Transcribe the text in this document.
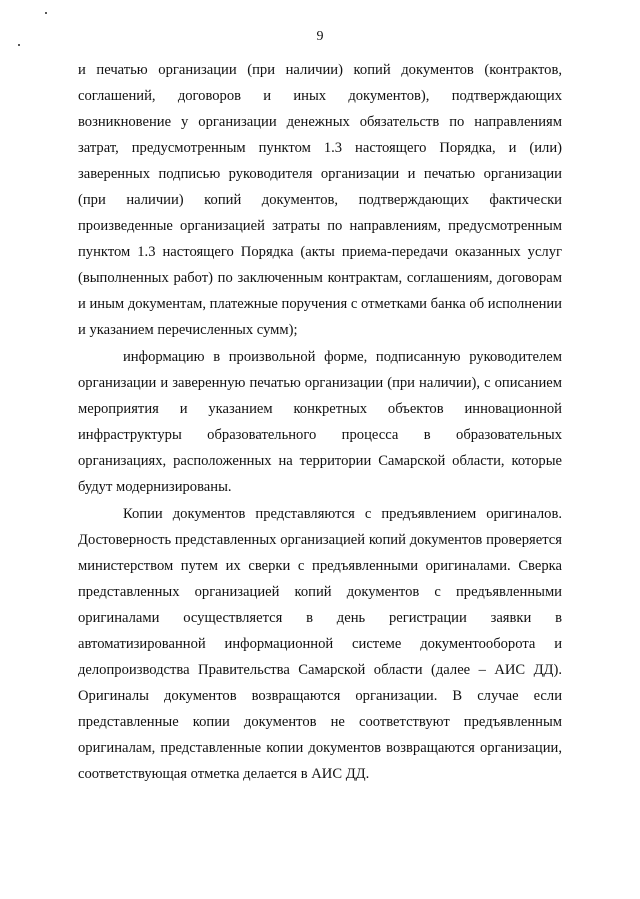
9

и печатью организации (при наличии) копий документов (контрактов, соглашений, договоров и иных документов), подтверждающих возникновение у организации денежных обязательств по направлениям затрат, предусмотренным пунктом 1.3 настоящего Порядка, и (или) заверенных подписью руководителя организации и печатью организации (при наличии) копий документов, подтверждающих фактически произведенные организацией затраты по направлениям, предусмотренным пунктом 1.3 настоящего Порядка (акты приема-передачи оказанных услуг (выполненных работ) по заключенным контрактам, соглашениям, договорам и иным документам, платежные поручения с отметками банка об исполнении и указанием перечисленных сумм);

информацию в произвольной форме, подписанную руководителем организации и заверенную печатью организации (при наличии), с описанием мероприятия и указанием конкретных объектов инновационной инфраструктуры образовательного процесса в образовательных организациях, расположенных на территории Самарской области, которые будут модернизированы.

Копии документов представляются с предъявлением оригиналов. Достоверность представленных организацией копий документов проверяется министерством путем их сверки с предъявленными оригиналами. Сверка представленных организацией копий документов с предъявленными оригиналами осуществляется в день регистрации заявки в автоматизированной информационной системе документооборота и делопроизводства Правительства Самарской области (далее – АИС ДД). Оригиналы документов возвращаются организации. В случае если представленные копии документов не соответствуют предъявленным оригиналам, представленные копии документов возвращаются организации, соответствующая отметка делается в АИС ДД.
